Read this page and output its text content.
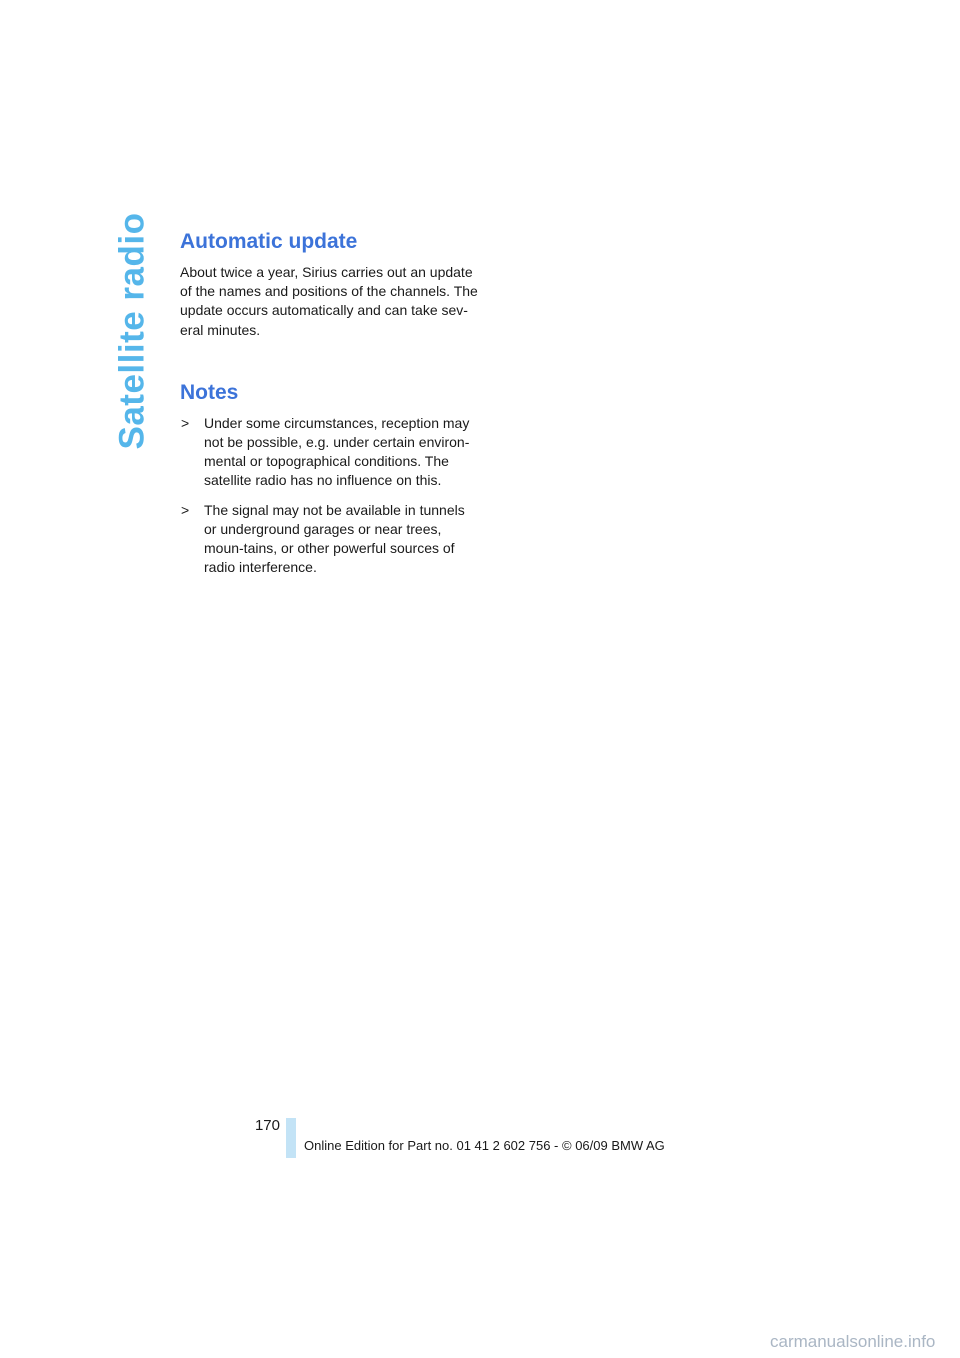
Satellite radio Automatic update

About twice a year, Sirius carries out an update of the names and positions of the channels. The update occurs automatically and can take sev-eral minutes.

Notes
> Under some circumstances, reception may not be possible, e.g. under certain environ-mental or topographical conditions. The satellite radio has no influence on this.
> The signal may not be available in tunnels or underground garages or near trees, moun-tains, or other powerful sources of radio interference.
170
Online Edition for Part no. 01 41 2 602 756 - © 06/09 BMW AG
carmanualsonline.info
